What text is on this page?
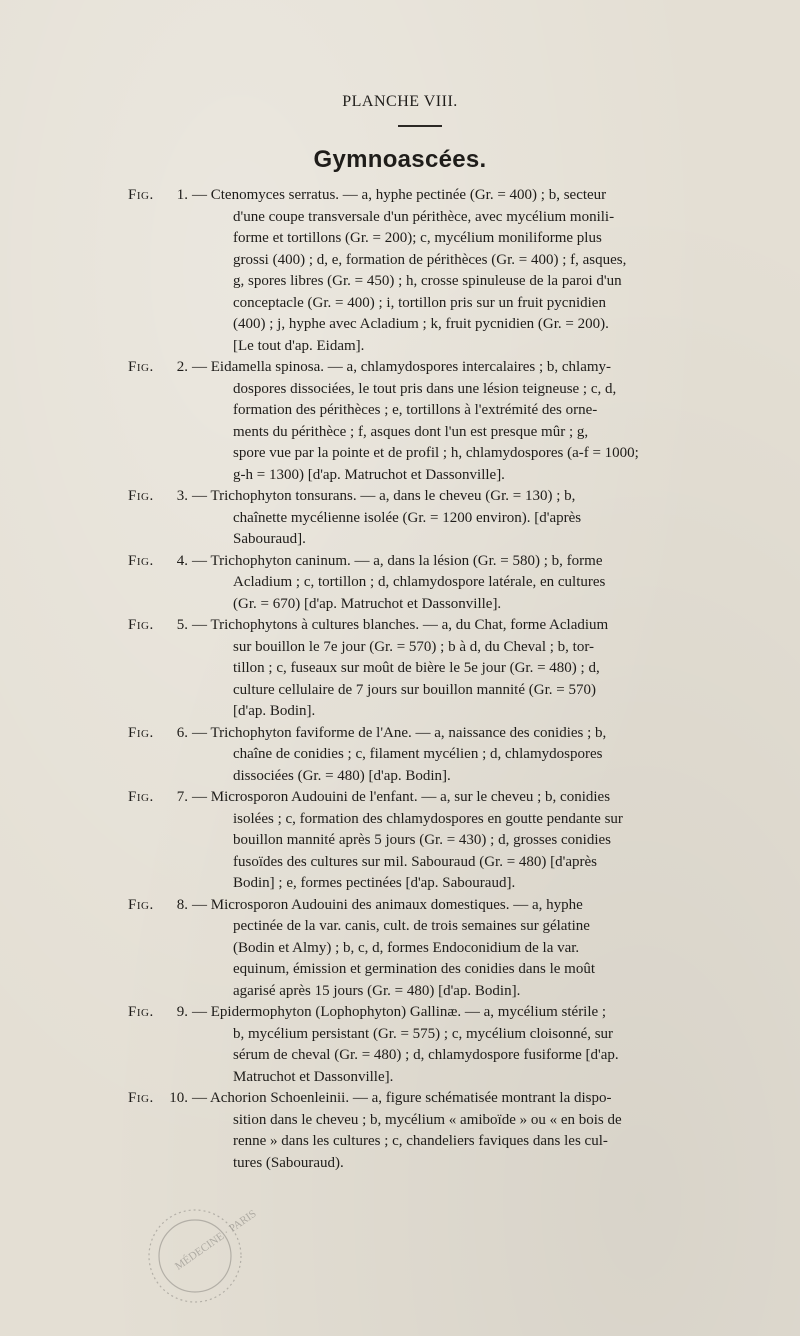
PLANCHE VIII.
Gymnoascées.
Fig.	1.	— Ctenomyces serratus. — a, hyphe pectinée (Gr. = 400) ; b, secteur
d'une coupe transversale d'un périthèce, avec mycélium monili-
forme et tortillons (Gr. = 200); c, mycélium moniliforme plus
grossi (400) ; d, e, formation de périthèces (Gr. = 400) ; f, asques,
g, spores libres (Gr. = 450) ; h, crosse spinuleuse de la paroi d'un
conceptacle (Gr. = 400) ; i, tortillon pris sur un fruit pycnidien
(400) ; j, hyphe avec Acladium ; k, fruit pycnidien (Gr. = 200).
[Le tout d'ap. Eidam].
Fig.	2.	— Eidamella spinosa. — a, chlamydospores intercalaires ; b, chlamy-
dospores dissociées, le tout pris dans une lésion teigneuse ; c, d,
formation des périthèces ; e, tortillons à l'extrémité des orne-
ments du périthèce ; f, asques dont l'un est presque mûr ; g,
spore vue par la pointe et de profil ; h, chlamydospores (a-f = 1000;
g-h = 1300) [d'ap. Matruchot et Dassonville].
Fig.	3.	— Trichophyton tonsurans. — a, dans le cheveu (Gr. = 130) ; b,
chaînette mycélienne isolée (Gr. = 1200 environ). [d'après
Sabouraud].
Fig.	4.	— Trichophyton caninum. — a, dans la lésion (Gr. = 580) ; b, forme
Acladium ; c, tortillon ; d, chlamydospore latérale, en cultures
(Gr. = 670) [d'ap. Matruchot et Dassonville].
Fig.	5.	— Trichophytons à cultures blanches. — a, du Chat, forme Acladium
sur bouillon le 7e jour (Gr. = 570) ; b à d, du Cheval ; b, tor-
tillon ; c, fuseaux sur moût de bière le 5e jour (Gr. = 480) ; d,
culture cellulaire de 7 jours sur bouillon mannité (Gr. = 570)
[d'ap. Bodin].
Fig.	6.	— Trichophyton faviforme de l'Ane. — a, naissance des conidies ; b,
chaîne de conidies ; c, filament mycélien ; d, chlamydospores
dissociées (Gr. = 480) [d'ap. Bodin].
Fig.	7.	— Microsporon Audouini de l'enfant. — a, sur le cheveu ; b, conidies
isolées ; c, formation des chlamydospores en goutte pendante sur
bouillon mannité après 5 jours (Gr. = 430) ; d, grosses conidies
fusoïdes des cultures sur mil. Sabouraud (Gr. = 480) [d'après
Bodin] ; e, formes pectinées [d'ap. Sabouraud].
Fig.	8.	— Microsporon Audouini des animaux domestiques. — a, hyphe
pectinée de la var. canis, cult. de trois semaines sur gélatine
(Bodin et Almy) ; b, c, d, formes Endoconidium de la var.
equinum, émission et germination des conidies dans le moût
agarisé après 15 jours (Gr. = 480) [d'ap. Bodin].
Fig.	9.	— Epidermophyton (Lophophyton) Gallinæ. — a, mycélium stérile ;
b, mycélium persistant (Gr. = 575) ; c, mycélium cloisonné, sur
sérum de cheval (Gr. = 480) ; d, chlamydospore fusiforme [d'ap.
Matruchot et Dassonville].
Fig.	10.	— Achorion Schoenleinii. — a, figure schématisée montrant la dispo-
sition dans le cheveu ; b, mycélium « amiboïde » ou « en bois de
renne » dans les cultures ; c, chandeliers faviques dans les cul-
tures (Sabouraud).
MÉDECINE · PARIS
